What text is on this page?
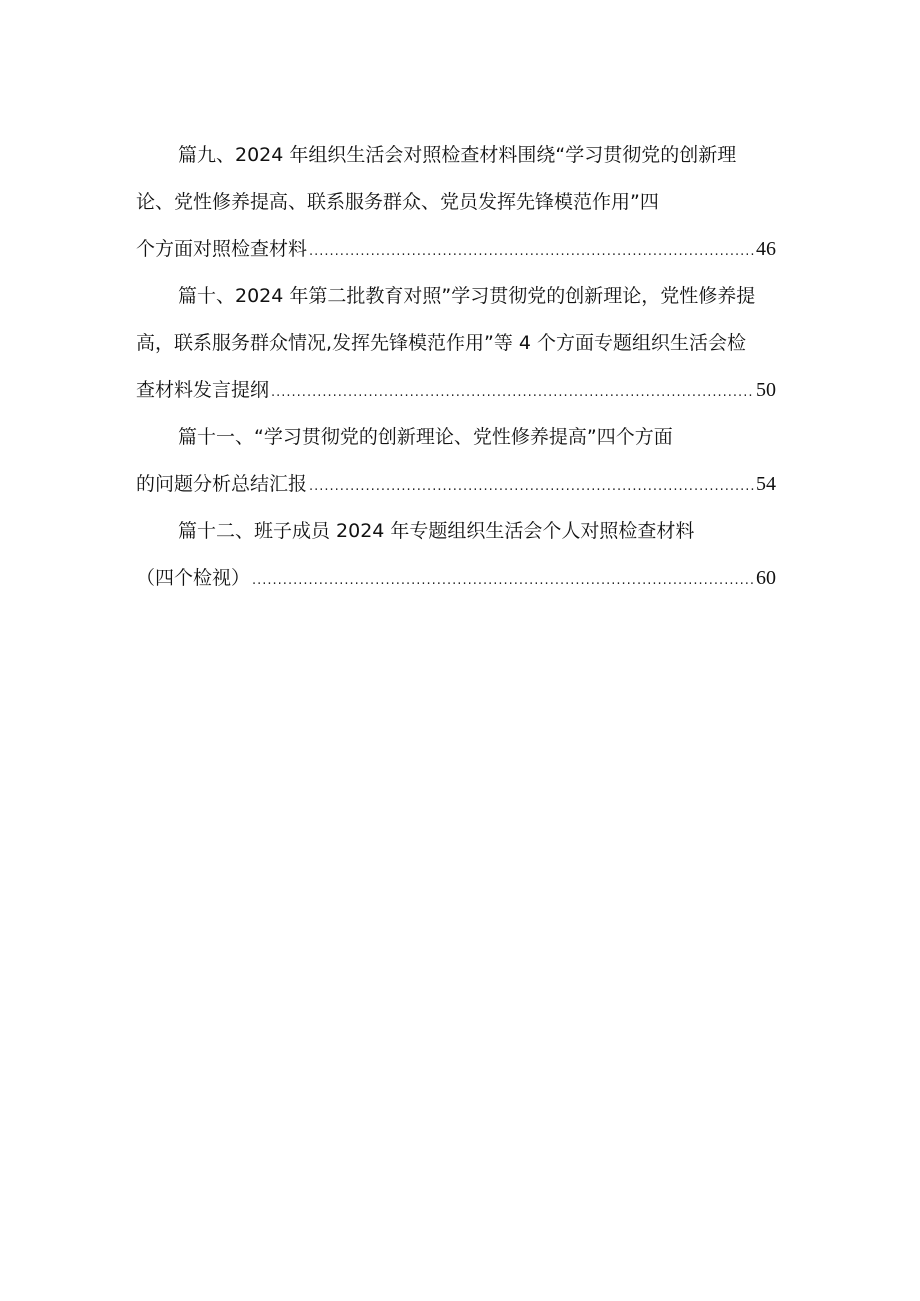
篇九、2024 年组织生活会对照检查材料围绕“学习贯彻党的创新理
论、党性修养提高、联系服务群众、党员发挥先锋模范作用”四
个方面对照检查材料 .....	46
篇十、2024 年第二批教育对照”学习贯彻党的创新理论，党性修养提
高，联系服务群众情况,发挥先锋模范作用”等 4 个方面专题组织生活会检
查材料发言提纲 .....	50
篇十一、“学习贯彻党的创新理论、党性修养提高”四个方面
的问题分析总结汇报 .....	54
篇十二、班子成员 2024 年专题组织生活会个人对照检查材料
（四个检视） .....	60
